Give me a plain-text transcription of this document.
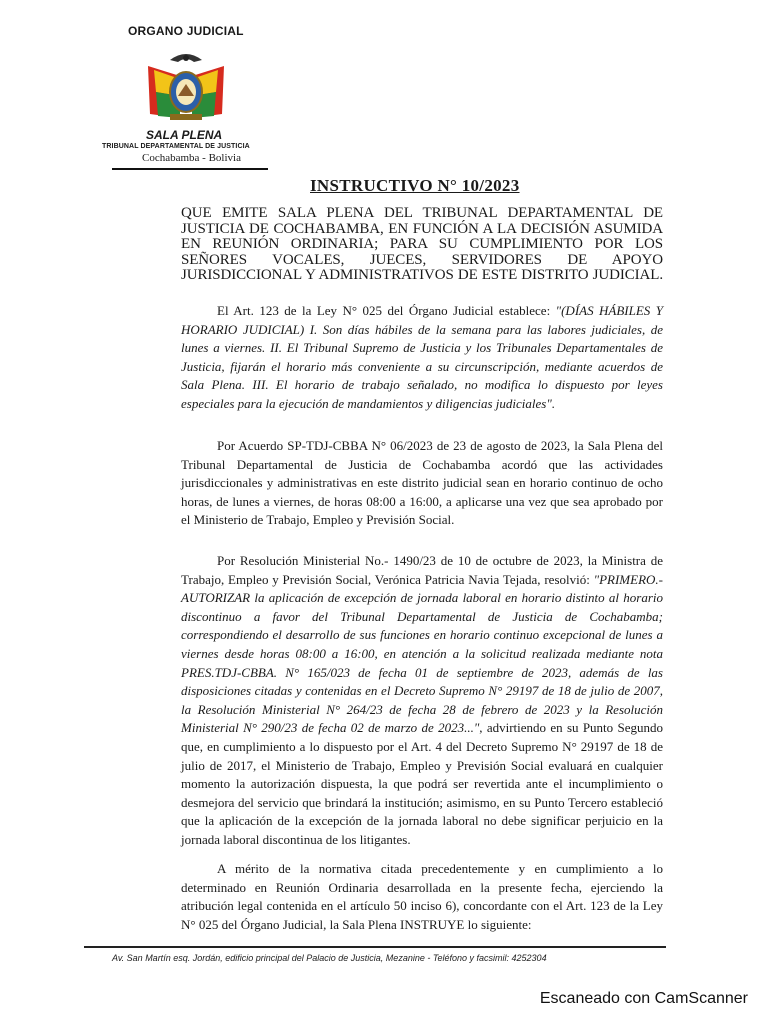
ORGANO JUDICIAL
SALA PLENA
TRIBUNAL DEPARTAMENTAL DE JUSTICIA
Cochabamba - Bolivia
INSTRUCTIVO N° 10/2023
QUE EMITE SALA PLENA DEL TRIBUNAL DEPARTAMENTAL DE
JUSTICIA DE COCHABAMBA, EN FUNCIÓN A LA DECISIÓN ASUMIDA
EN REUNIÓN ORDINARIA; PARA SU CUMPLIMIENTO POR LOS
SEÑORES VOCALES, JUECES, SERVIDORES DE APOYO
JURISDICCIONAL Y ADMINISTRATIVOS DE ESTE DISTRITO JUDICIAL.
El Art. 123 de la Ley N° 025 del Órgano Judicial establece: "(DÍAS HÁBILES Y HORARIO JUDICIAL) I. Son días hábiles de la semana para las labores judiciales, de lunes a viernes. II. El Tribunal Supremo de Justicia y los Tribunales Departamentales de Justicia, fijarán el horario más conveniente a su circunscripción, mediante acuerdos de Sala Plena. III. El horario de trabajo señalado, no modifica lo dispuesto por leyes especiales para la ejecución de mandamientos y diligencias judiciales".
Por Acuerdo SP-TDJ-CBBA N° 06/2023 de 23 de agosto de 2023, la Sala Plena del Tribunal Departamental de Justicia de Cochabamba acordó que las actividades jurisdiccionales y administrativas en este distrito judicial sean en horario continuo de ocho horas, de lunes a viernes, de horas 08:00 a 16:00, a aplicarse una vez que sea aprobado por el Ministerio de Trabajo, Empleo y Previsión Social.
Por Resolución Ministerial No.- 1490/23 de 10 de octubre de 2023, la Ministra de Trabajo, Empleo y Previsión Social, Verónica Patricia Navia Tejada, resolvió: "PRIMERO.- AUTORIZAR la aplicación de excepción de jornada laboral en horario distinto al horario discontinuo a favor del Tribunal Departamental de Justicia de Cochabamba; correspondiendo el desarrollo de sus funciones en horario continuo excepcional de lunes a viernes desde horas 08:00 a 16:00, en atención a la solicitud realizada mediante nota PRES.TDJ-CBBA. N° 165/023 de fecha 01 de septiembre de 2023, además de las disposiciones citadas y contenidas en el Decreto Supremo N° 29197 de 18 de julio de 2007, la Resolución Ministerial N° 264/23 de fecha 28 de febrero de 2023 y la Resolución Ministerial N° 290/23 de fecha 02 de marzo de 2023...", advirtiendo en su Punto Segundo que, en cumplimiento a lo dispuesto por el Art. 4 del Decreto Supremo N° 29197 de 18 de julio de 2017, el Ministerio de Trabajo, Empleo y Previsión Social evaluará en cualquier momento la autorización dispuesta, la que podrá ser revertida ante el incumplimiento o desmejora del servicio que brindará la institución; asimismo, en su Punto Tercero estableció que la aplicación de la excepción de la jornada laboral no debe significar perjuicio en la jornada laboral discontinua de los litigantes.
A mérito de la normativa citada precedentemente y en cumplimiento a lo determinado en Reunión Ordinaria desarrollada en la presente fecha, ejerciendo la atribución legal contenida en el artículo 50 inciso 6), concordante con el Art. 123 de la Ley N° 025 del Órgano Judicial, la Sala Plena INSTRUYE lo siguiente:
Av. San Martín esq. Jordán, edificio principal del Palacio de Justicia, Mezanine - Teléfono y facsimil: 4252304
Escaneado con CamScanner
